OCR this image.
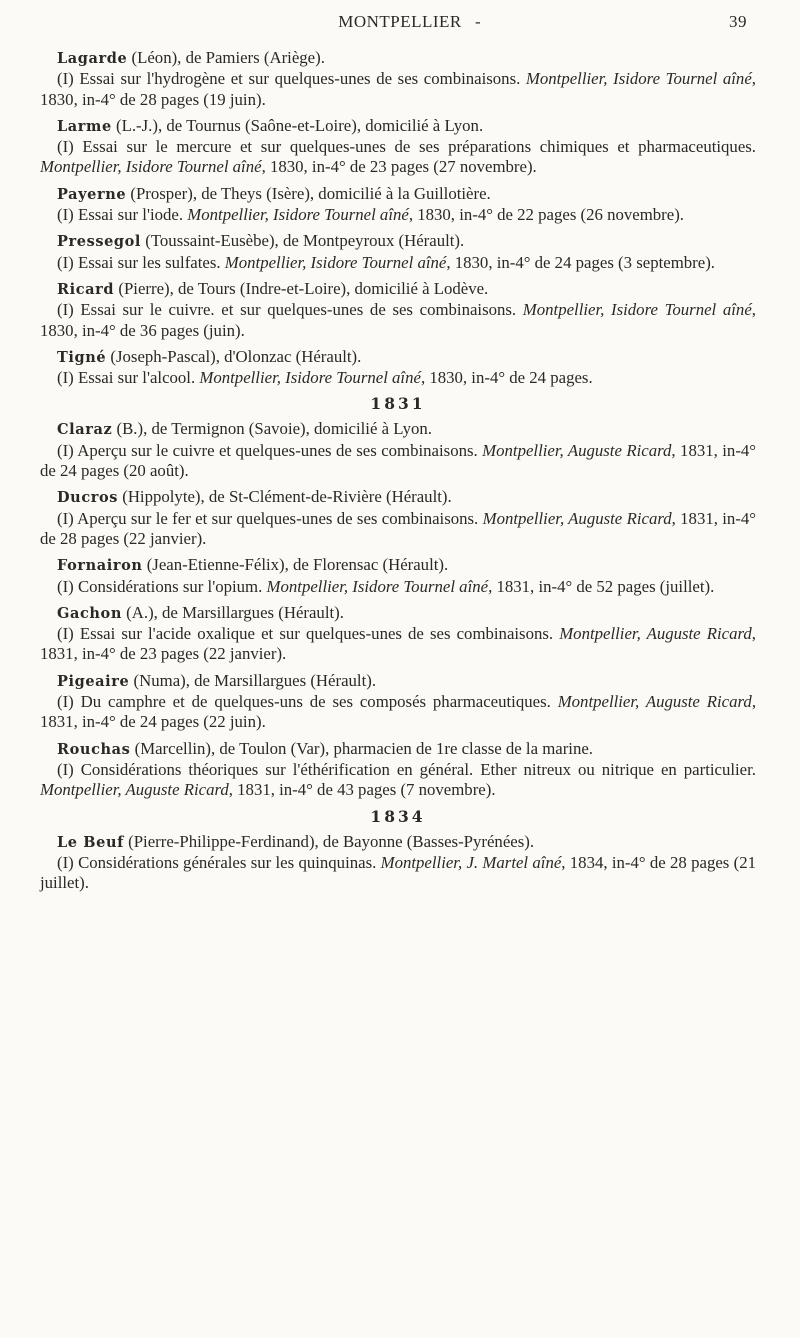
MONTPELLIER -	39

Lagarde (Léon), de Pamiers (Ariège).

(I) Essai sur l'hydrogène et sur quelques-unes de ses combinaisons. Montpellier, Isidore Tournel aîné, 1830, in-4° de 28 pages (19 juin).

Larme (L.-J.), de Tournus (Saône-et-Loire), domicilié à Lyon.

(I) Essai sur le mercure et sur quelques-unes de ses préparations chimiques et pharmaceutiques. Montpellier, Isidore Tournel aîné, 1830, in-4° de 23 pages (27 novembre).

Payerne (Prosper), de Theys (Isère), domicilié à la Guillotière.

(I) Essai sur l'iode. Montpellier, Isidore Tournel aîné, 1830, in-4° de 22 pages (26 novembre).

Pressegol (Toussaint-Eusèbe), de Montpeyroux (Hérault).

(I) Essai sur les sulfates. Montpellier, Isidore Tournel aîné, 1830, in-4° de 24 pages (3 septembre).

Ricard (Pierre), de Tours (Indre-et-Loire), domicilié à Lodève.

(I) Essai sur le cuivre. et sur quelques-unes de ses combinaisons. Montpellier, Isidore Tournel aîné, 1830, in-4° de 36 pages (juin).

Tigné (Joseph-Pascal), d'Olonzac (Hérault).

(I) Essai sur l'alcool. Montpellier, Isidore Tournel aîné, 1830, in-4° de 24 pages.

1831

Claraz (B.), de Termignon (Savoie), domicilié à Lyon.

(I) Aperçu sur le cuivre et quelques-unes de ses combinaisons. Montpellier, Auguste Ricard, 1831, in-4° de 24 pages (20 août).

Ducros (Hippolyte), de St-Clément-de-Rivière (Hérault).

(I) Aperçu sur le fer et sur quelques-unes de ses combinaisons. Montpellier, Auguste Ricard, 1831, in-4° de 28 pages (22 janvier).

Fornairon (Jean-Etienne-Félix), de Florensac (Hérault).

(I) Considérations sur l'opium. Montpellier, Isidore Tournel aîné, 1831, in-4° de 52 pages (juillet).

Gachon (A.), de Marsillargues (Hérault).

(I) Essai sur l'acide oxalique et sur quelques-unes de ses combinaisons. Montpellier, Auguste Ricard, 1831, in-4° de 23 pages (22 janvier).

Pigeaire (Numa), de Marsillargues (Hérault).

(I) Du camphre et de quelques-uns de ses composés pharmaceutiques. Montpellier, Auguste Ricard, 1831, in-4° de 24 pages (22 juin).

Rouchas (Marcellin), de Toulon (Var), pharmacien de 1re classe de la marine.

(I) Considérations théoriques sur l'éthérification en général. Ether nitreux ou nitrique en particulier. Montpellier, Auguste Ricard, 1831, in-4° de 43 pages (7 novembre).

1834

Le Beuf (Pierre-Philippe-Ferdinand), de Bayonne (Basses-Pyrénées).

(I) Considérations générales sur les quinquinas. Montpellier, J. Martel aîné, 1834, in-4° de 28 pages (21 juillet).
